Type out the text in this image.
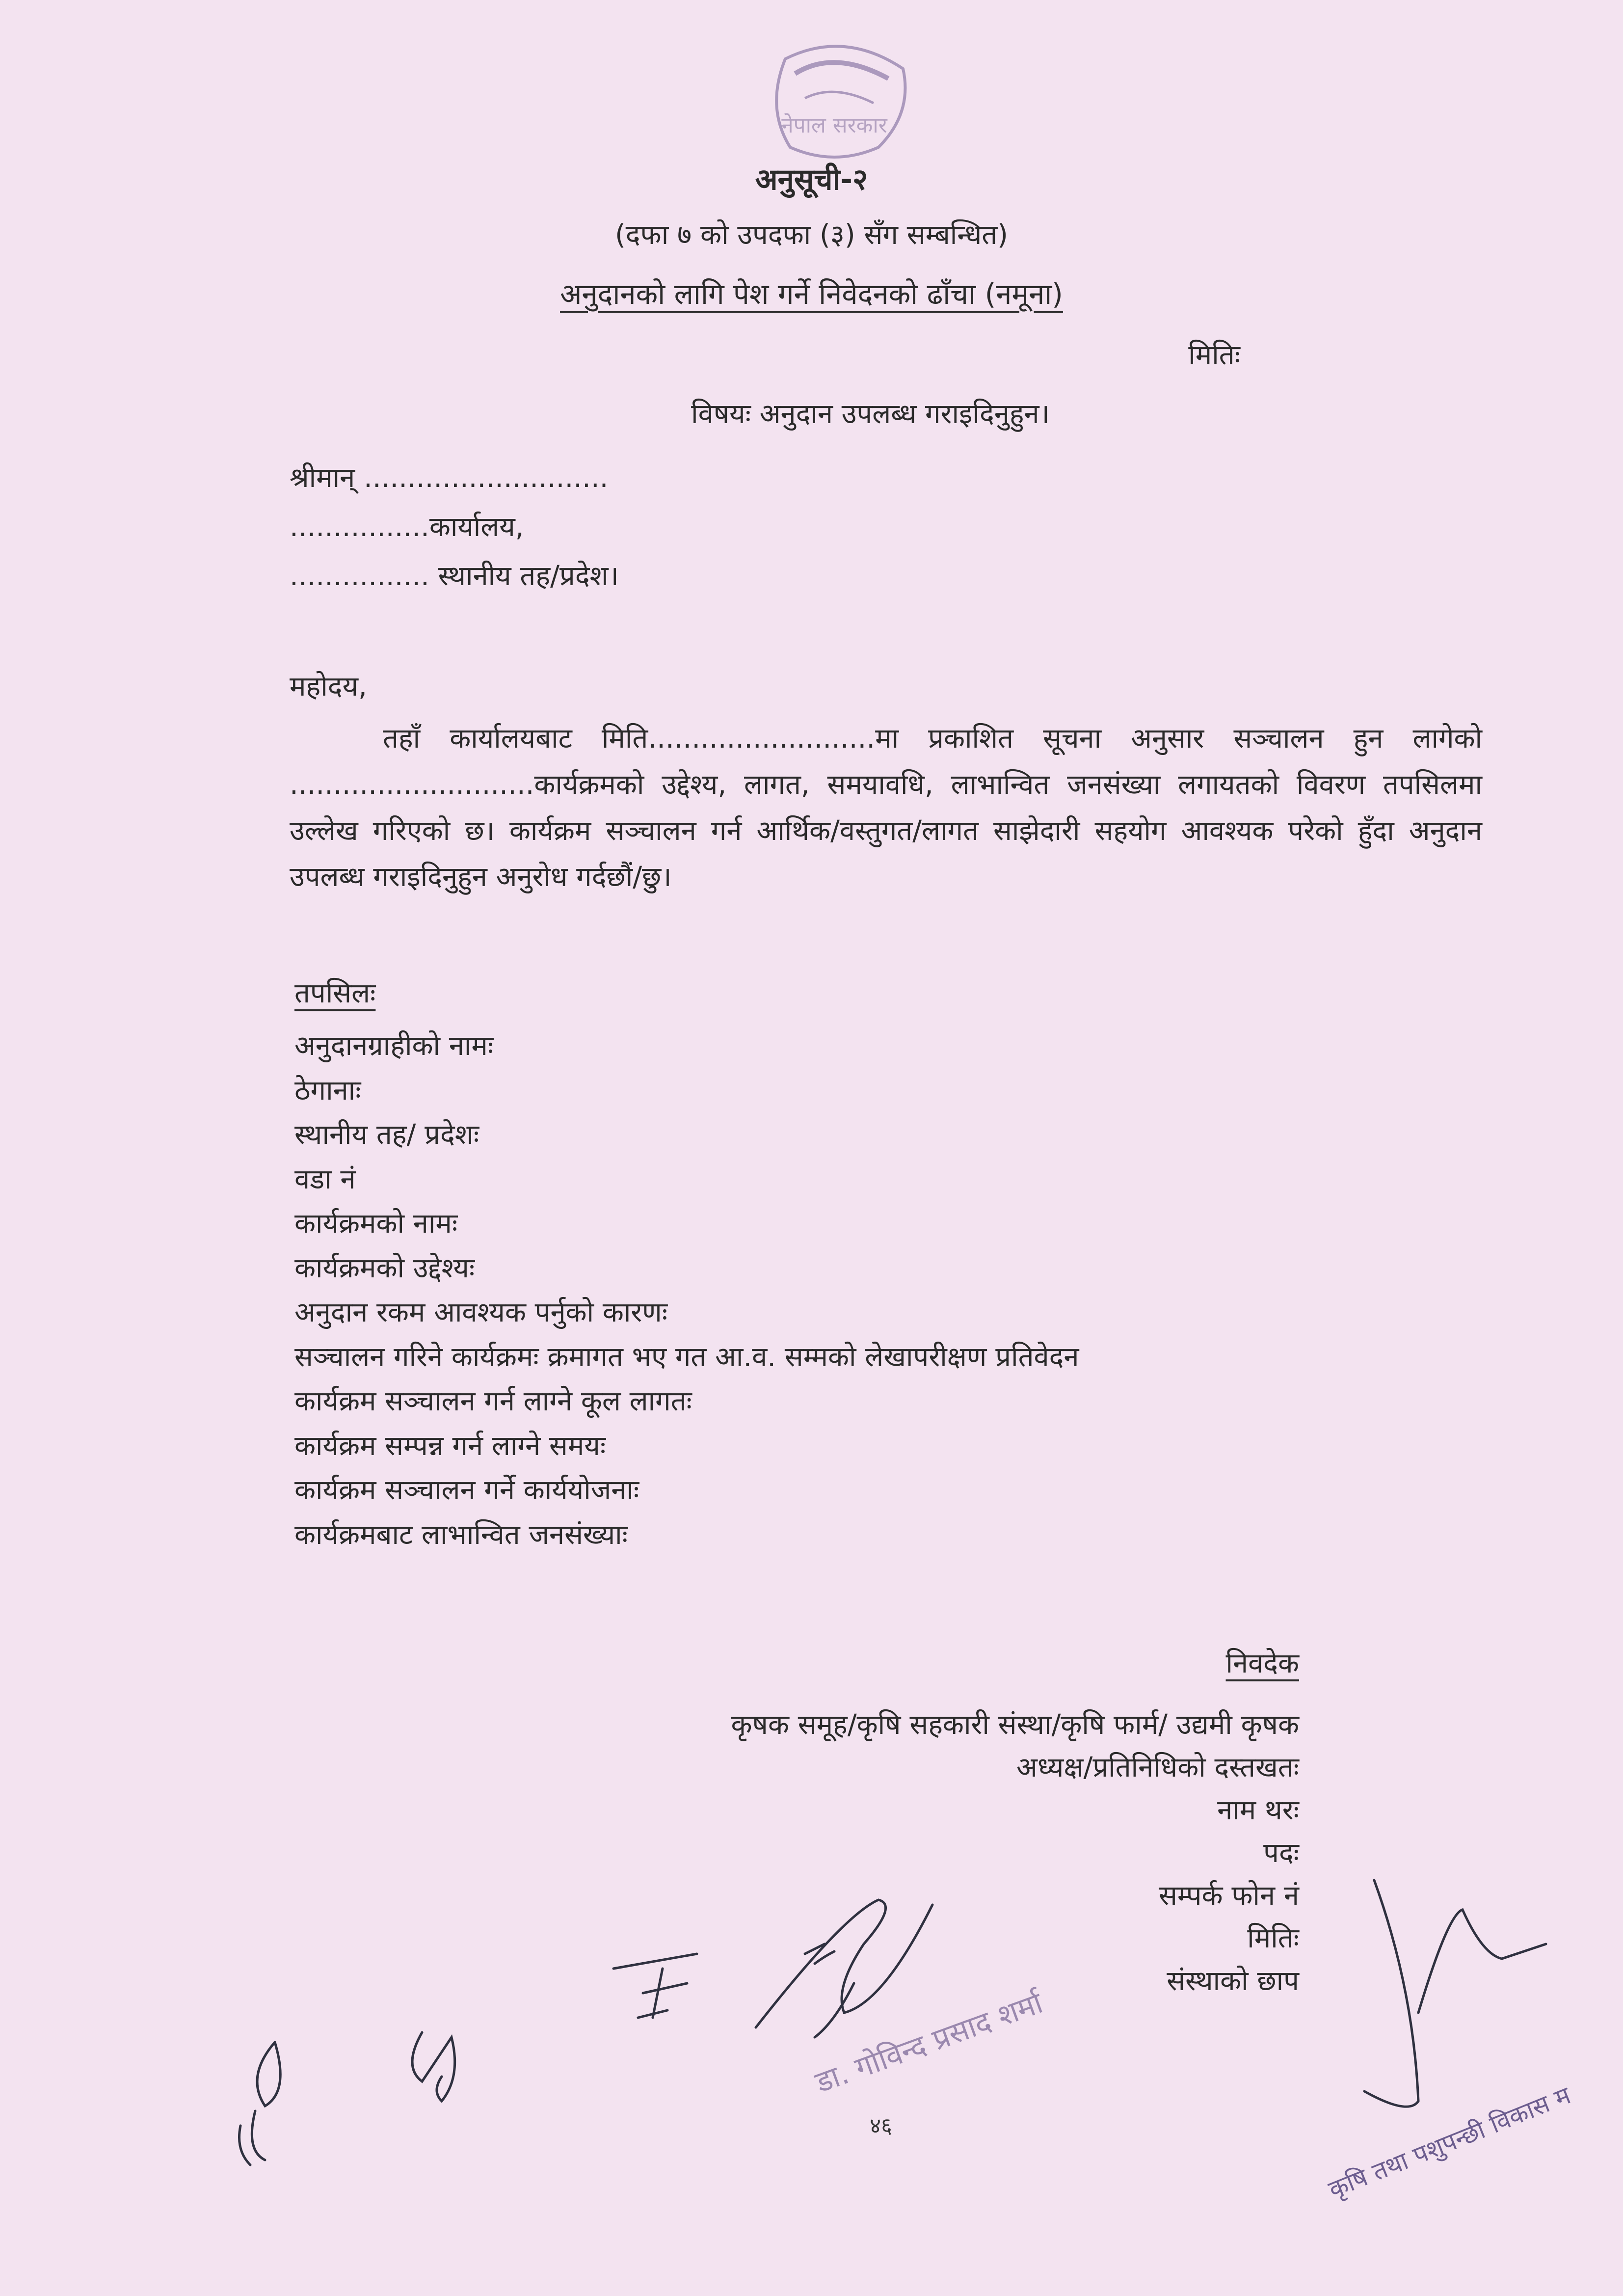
अनुसूची-२
(दफा ७ को उपदफा (३) सँग सम्बन्धित)
अनुदानको लागि पेश गर्ने निवेदनको ढाँचा (नमूना)
मितिः
विषयः अनुदान उपलब्ध गराइदिनुहुन।
श्रीमान् ............................
................कार्यालय,
................ स्थानीय तह/प्रदेश।
महोदय,
तहाँ कार्यालयबाट मिति..........................मा प्रकाशित सूचना अनुसार सञ्चालन हुन लागेको ............................कार्यक्रमको उद्देश्य, लागत, समयावधि, लाभान्वित जनसंख्या लगायतको विवरण तपसिलमा उल्लेख गरिएको छ। कार्यक्रम सञ्चालन गर्न आर्थिक/वस्तुगत/लागत साझेदारी सहयोग आवश्यक परेको हुँदा अनुदान उपलब्ध गराइदिनुहुन अनुरोध गर्दछौं/छु।
तपसिलः
अनुदानग्राहीको नामः
ठेगानाः
स्थानीय तह/ प्रदेशः
वडा नं
कार्यक्रमको नामः
कार्यक्रमको उद्देश्यः
अनुदान रकम आवश्यक पर्नुको कारणः
सञ्चालन गरिने कार्यक्रमः क्रमागत भए गत आ.व. सम्मको लेखापरीक्षण प्रतिवेदन
कार्यक्रम सञ्चालन गर्न लाग्ने कूल लागतः
कार्यक्रम सम्पन्न गर्न लाग्ने समयः
कार्यक्रम सञ्चालन गर्ने कार्ययोजनाः
कार्यक्रमबाट लाभान्वित जनसंख्याः
निवदेक
कृषक समूह/कृषि सहकारी संस्था/कृषि फार्म/ उद्यमी कृषक
अध्यक्ष/प्रतिनिधिको दस्तखतः
नाम थरः
पदः
सम्पर्क फोन नं
मितिः
संस्थाको छाप
नेपाल सरकार
डा. गोविन्द प्रसाद शर्मा
४६	कृषि तथा पशुपन्छी विकास म
